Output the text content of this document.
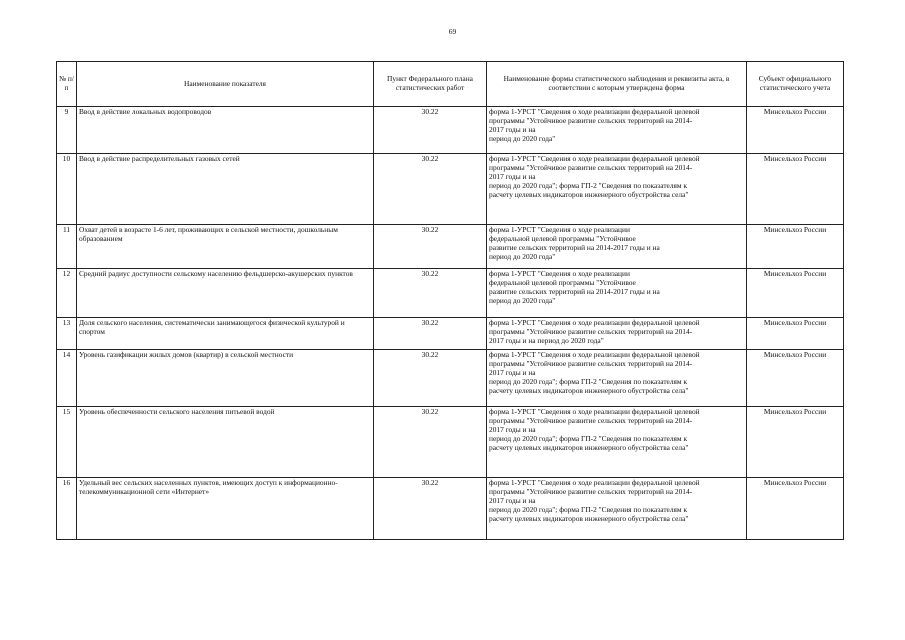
69
№ п/п	Наименование показателя	Пункт Федерального плана статистических работ	Наименование формы статистического наблюдения и реквизиты акта, в соответствии с которым утверждена форма	Субъект официального статистического учета
9	Ввод в действие локальных водопроводов	30.22	форма 1-УРСТ "Сведения о ходе реализации федеральной целевой
программы "Устойчивое развитие сельских территорий на 2014-
2017 годы и на
период до 2020 года"	Минсельхоз России
10	Ввод в действие распределительных газовых сетей	30.22	форма 1-УРСТ "Сведения о ходе реализации федеральной целевой
программы "Устойчивое развитие сельских территорий на 2014-
2017 годы и на
период до 2020 года"; форма ГП-2 "Сведения по показателям к
расчету целевых индикаторов инженерного обустройства села"	Минсельхоз России
11	Охват детей в возрасте 1-6 лет, проживающих в сельской местности, дошкольным образованием	30.22	форма 1-УРСТ "Сведения о ходе реализации
федеральной целевой программы "Устойчивое
развитие сельских территорий на 2014-2017 годы и на
период до 2020 года"	Минсельхоз России
12	Средний радиус доступности сельскому населению фельдшерско-акушерских пунктов	30.22	форма 1-УРСТ "Сведения о ходе реализации
федеральной целевой программы "Устойчивое
развитие сельских территорий на 2014-2017 годы и на
период до 2020 года"	Минсельхоз России
13	Доля сельского населения, систематически занимающегося физической культурой и спортом	30.22	форма 1-УРСТ "Сведения о ходе реализации федеральной целевой
программы "Устойчивое развитие сельских территорий на 2014-
2017 годы и на период до 2020 года"	Минсельхоз России
14	Уровень газификации жилых домов (квартир) в сельской местности	30.22	форма 1-УРСТ "Сведения о ходе реализации федеральной целевой
программы "Устойчивое развитие сельских территорий на 2014-
2017 годы и на
период до 2020 года"; форма ГП-2 "Сведения по показателям к
расчету целевых индикаторов инженерного обустройства села"	Минсельхоз России
15	Уровень обеспеченности сельского населения питьевой водой	30.22	форма 1-УРСТ "Сведения о ходе реализации федеральной целевой
программы "Устойчивое развитие сельских территорий на 2014-
2017 годы и на
период до 2020 года"; форма ГП-2 "Сведения по показателям к
расчету целевых индикаторов инженерного обустройства села"	Минсельхоз России
16	Удельный вес сельских населенных пунктов, имеющих доступ к информационно-телекоммуникационной сети «Интернет»	30.22	форма 1-УРСТ "Сведения о ходе реализации федеральной целевой
программы "Устойчивое развитие сельских территорий на 2014-
2017 годы и на
период до 2020 года"; форма ГП-2 "Сведения по показателям к
расчету целевых индикаторов инженерного обустройства села"	Минсельхоз России
